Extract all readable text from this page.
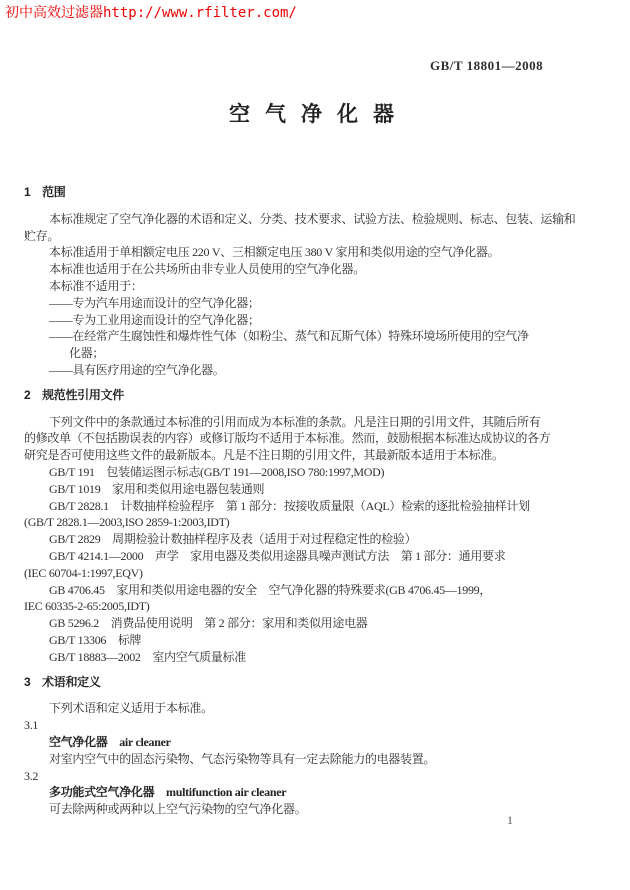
初中高效过滤器http://www.rfilter.com/
GB/T 18801—2008
空气净化器
1　范围
本标准规定了空气净化器的术语和定义、分类、技术要求、试验方法、检验规则、标志、包装、运输和
贮存。
本标准适用于单相额定电压 220 V、三相额定电压 380 V 家用和类似用途的空气净化器。
本标准也适用于在公共场所由非专业人员使用的空气净化器。
本标准不适用于：
——专为汽车用途而设计的空气净化器；
——专为工业用途而设计的空气净化器；
——在经常产生腐蚀性和爆炸性气体（如粉尘、蒸气和瓦斯气体）特殊环境场所使用的空气净
化器；
——具有医疗用途的空气净化器。
2　规范性引用文件
下列文件中的条款通过本标准的引用而成为本标准的条款。凡是注日期的引用文件，其随后所有
的修改单（不包括勘误表的内容）或修订版均不适用于本标准。然而，鼓励根据本标准达成协议的各方
研究是否可使用这些文件的最新版本。凡是不注日期的引用文件，其最新版本适用于本标准。
GB/T 191　包装储运图示标志(GB/T 191—2008,ISO 780:1997,MOD)
GB/T 1019　家用和类似用途电器包装通则
GB/T 2828.1　计数抽样检验程序　第 1 部分：按接收质量限（AQL）检索的逐批检验抽样计划
(GB/T 2828.1—2003,ISO 2859-1:2003,IDT)
GB/T 2829　周期检验计数抽样程序及表（适用于对过程稳定性的检验）
GB/T 4214.1—2000　声学　家用电器及类似用途器具噪声测试方法　第 1 部分：通用要求
(IEC 60704-1:1997,EQV)
GB 4706.45　家用和类似用途电器的安全　空气净化器的特殊要求(GB 4706.45—1999，
IEC 60335-2-65:2005,IDT)
GB 5296.2　消费品使用说明　第 2 部分：家用和类似用途电器
GB/T 13306　标牌
GB/T 18883—2002　室内空气质量标准
3　术语和定义
下列术语和定义适用于本标准。
3.1
空气净化器　air cleaner
对室内空气中的固态污染物、气态污染物等具有一定去除能力的电器装置。
3.2
多功能式空气净化器　multifunction air cleaner
可去除两种或两种以上空气污染物的空气净化器。
1
